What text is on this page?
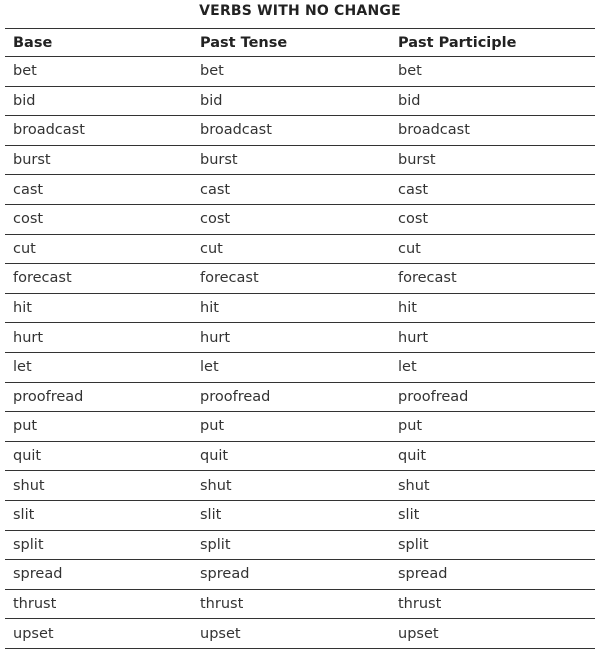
VERBS WITH NO CHANGE
Base	Past Tense	Past Participle
bet	bet	bet
bid	bid	bid
broadcast	broadcast	broadcast
burst	burst	burst
cast	cast	cast
cost	cost	cost
cut	cut	cut
forecast	forecast	forecast
hit	hit	hit
hurt	hurt	hurt
let	let	let
proofread	proofread	proofread
put	put	put
quit	quit	quit
shut	shut	shut
slit	slit	slit
split	split	split
spread	spread	spread
thrust	thrust	thrust
upset	upset	upset
